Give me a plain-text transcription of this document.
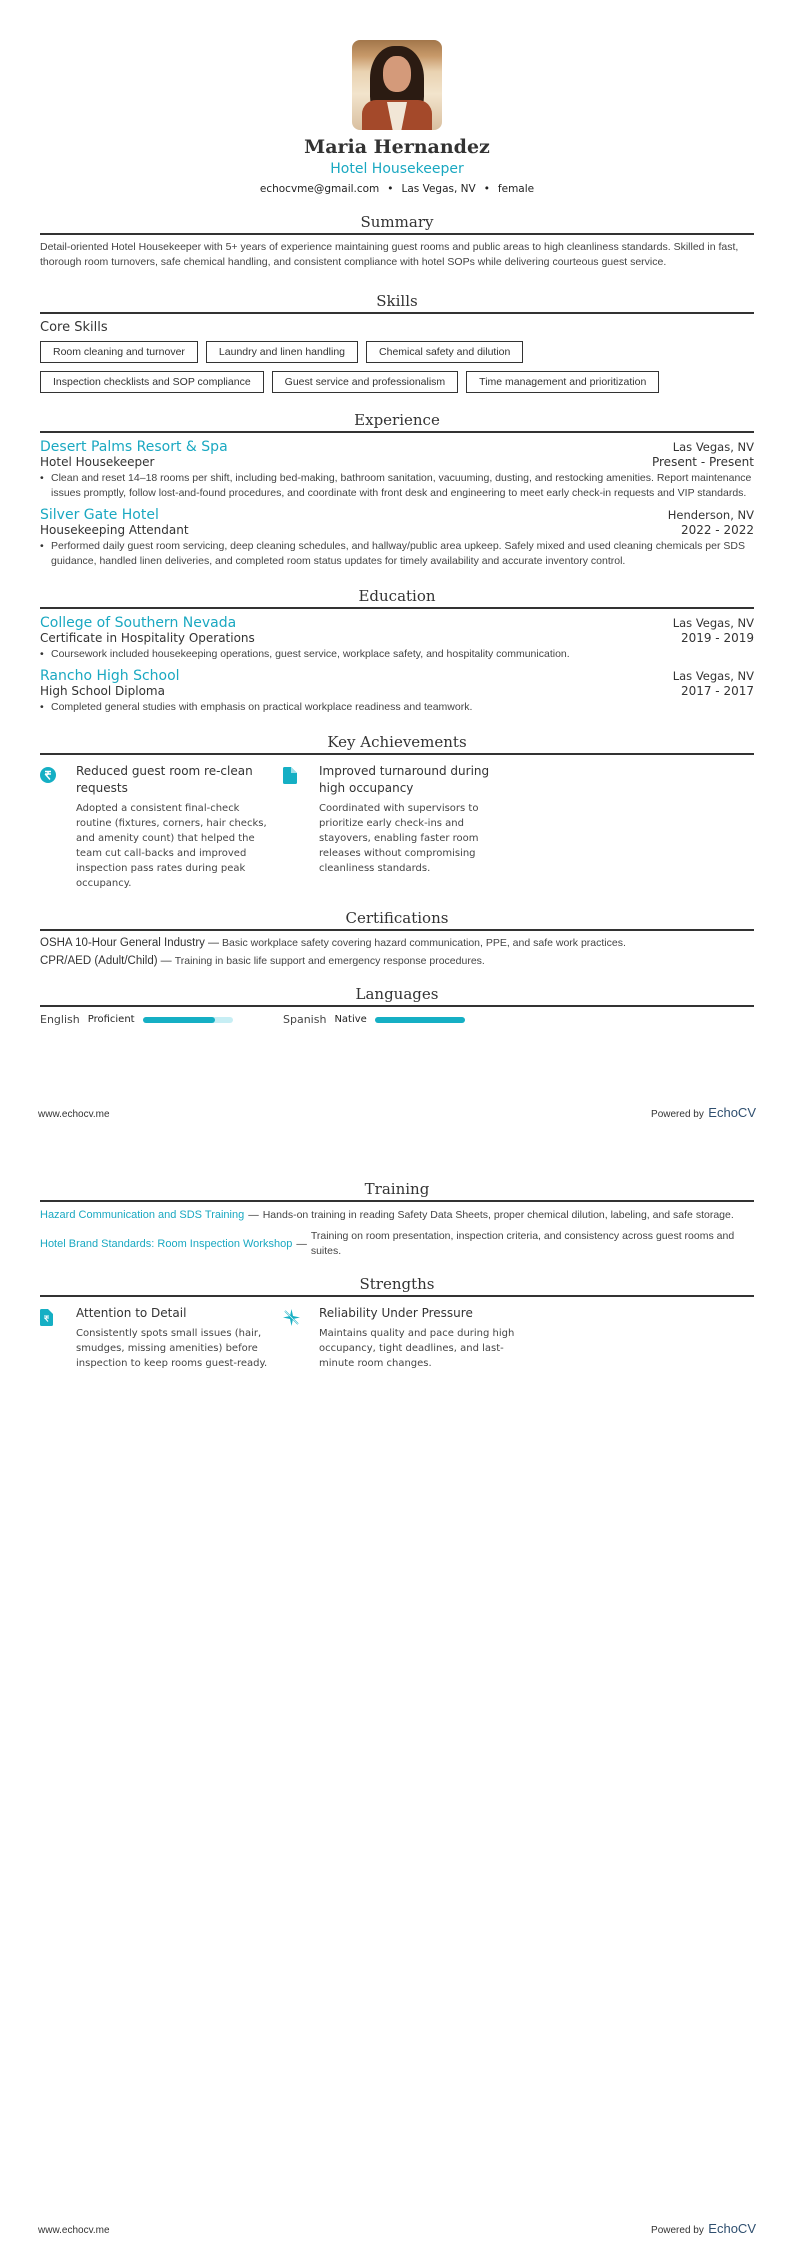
Maria Hernandez
Hotel Housekeeper
echocvme@gmail.com • Las Vegas, NV • female
Summary
Detail-oriented Hotel Housekeeper with 5+ years of experience maintaining guest rooms and public areas to high cleanliness standards. Skilled in fast, thorough room turnovers, safe chemical handling, and consistent compliance with hotel SOPs while delivering courteous guest service.
Skills
Core Skills
Room cleaning and turnover	Laundry and linen handling	Chemical safety and dilution
Inspection checklists and SOP compliance	Guest service and professionalism	Time management and prioritization
Experience
Desert Palms Resort & Spa	Las Vegas, NV
Hotel Housekeeper	Present - Present
• Clean and reset 14–18 rooms per shift, including bed-making, bathroom sanitation, vacuuming, dusting, and restocking amenities. Report maintenance issues promptly, follow lost-and-found procedures, and coordinate with front desk and engineering to meet early check-in requests and VIP standards.
Silver Gate Hotel	Henderson, NV
Housekeeping Attendant	2022 - 2022
• Performed daily guest room servicing, deep cleaning schedules, and hallway/public area upkeep. Safely mixed and used cleaning chemicals per SDS guidance, handled linen deliveries, and completed room status updates for timely availability and accurate inventory control.
Education
College of Southern Nevada	Las Vegas, NV
Certificate in Hospitality Operations	2019 - 2019
• Coursework included housekeeping operations, guest service, workplace safety, and hospitality communication.
Rancho High School	Las Vegas, NV
High School Diploma	2017 - 2017
• Completed general studies with emphasis on practical workplace readiness and teamwork.
Key Achievements
Reduced guest room re-clean requests
Adopted a consistent final-check routine (fixtures, corners, hair checks, and amenity count) that helped the team cut call-backs and improved inspection pass rates during peak occupancy.
Improved turnaround during high occupancy
Coordinated with supervisors to prioritize early check-ins and stayovers, enabling faster room releases without compromising cleanliness standards.
Certifications
OSHA 10-Hour General Industry — Basic workplace safety covering hazard communication, PPE, and safe work practices.
CPR/AED (Adult/Child) — Training in basic life support and emergency response procedures.
Languages
English Proficient	Spanish Native
www.echocv.me	Powered by EchoCV
Training
Hazard Communication and SDS Training — Hands-on training in reading Safety Data Sheets, proper chemical dilution, labeling, and safe storage.
Hotel Brand Standards: Room Inspection Workshop —
Training on room presentation, inspection criteria, and consistency across guest rooms and suites.
Strengths
Attention to Detail
Consistently spots small issues (hair, smudges, missing amenities) before inspection to keep rooms guest-ready.
Reliability Under Pressure
Maintains quality and pace during high occupancy, tight deadlines, and last-minute room changes.
www.echocv.me	Powered by EchoCV
